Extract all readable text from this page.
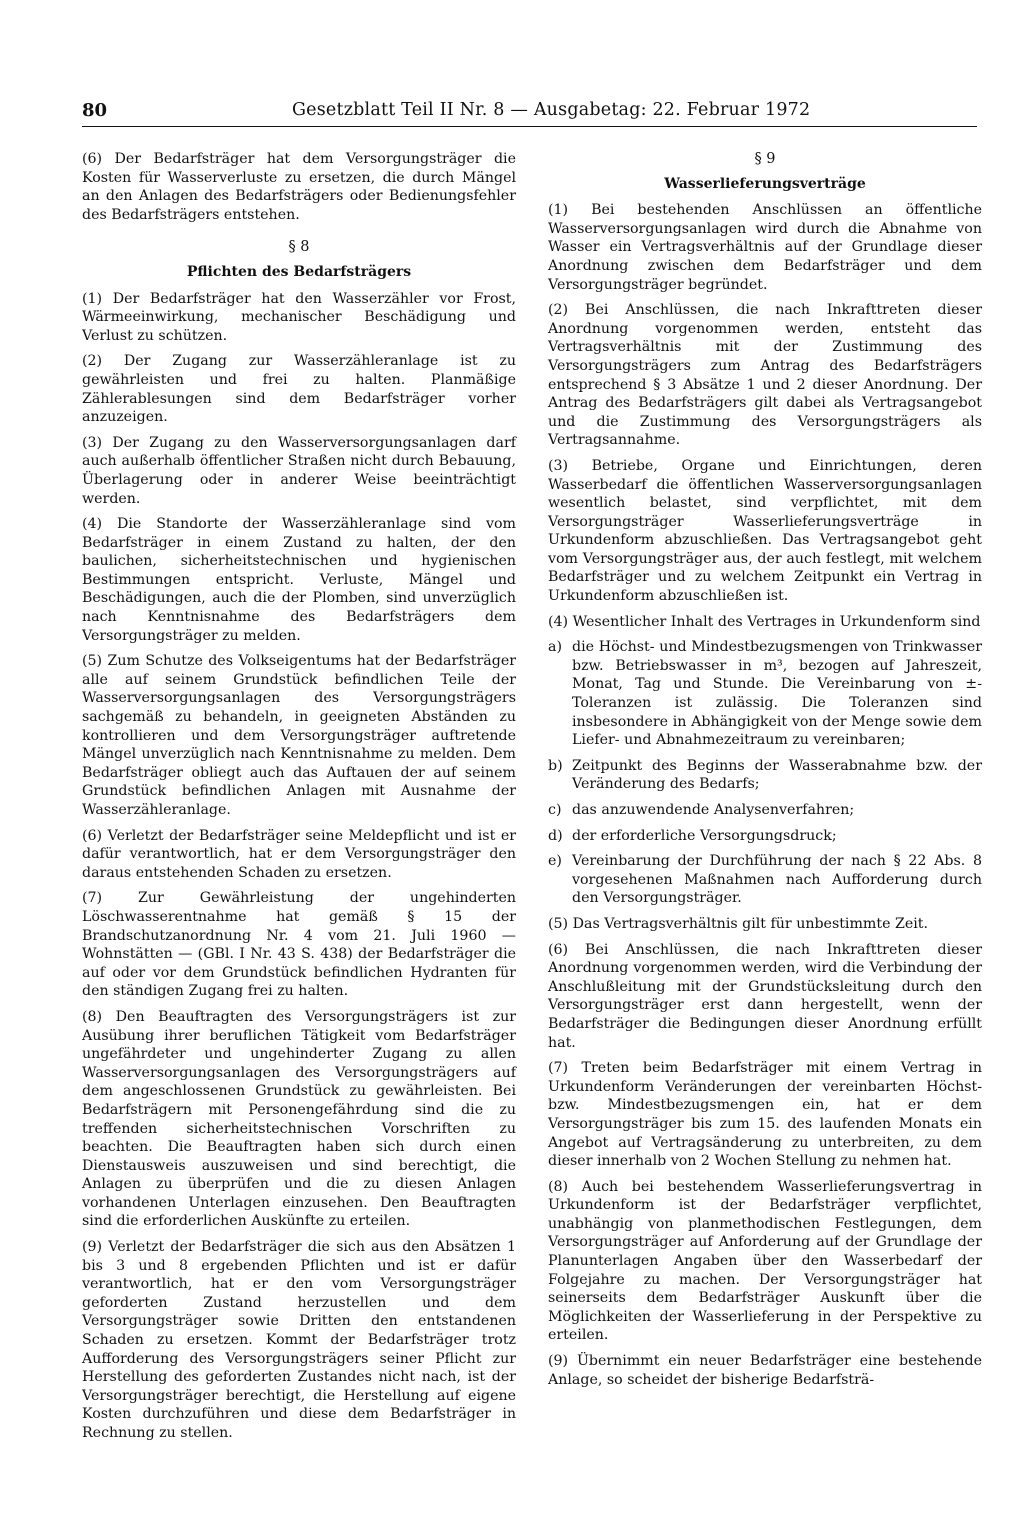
80	Gesetzblatt Teil II Nr. 8 — Ausgabetag: 22. Februar 1972

(6) Der Bedarfsträger hat dem Versorgungsträger die Kosten für Wasserverluste zu ersetzen, die durch Mängel an den Anlagen des Bedarfsträgers oder Bedienungsfehler des Bedarfsträgers entstehen.

§ 8
Pflichten des Bedarfsträgers

(1) Der Bedarfsträger hat den Wasserzähler vor Frost, Wärmeeinwirkung, mechanischer Beschädigung und Verlust zu schützen.

(2) Der Zugang zur Wasserzähleranlage ist zu gewährleisten und frei zu halten. Planmäßige Zählerablesungen sind dem Bedarfsträger vorher anzuzeigen.

(3) Der Zugang zu den Wasserversorgungsanlagen darf auch außerhalb öffentlicher Straßen nicht durch Bebauung, Überlagerung oder in anderer Weise beeinträchtigt werden.

(4) Die Standorte der Wasserzähleranlage sind vom Bedarfsträger in einem Zustand zu halten, der den baulichen, sicherheitstechnischen und hygienischen Bestimmungen entspricht. Verluste, Mängel und Beschädigungen, auch die der Plomben, sind unverzüglich nach Kenntnisnahme des Bedarfsträgers dem Versorgungsträger zu melden.

(5) Zum Schutze des Volkseigentums hat der Bedarfsträger alle auf seinem Grundstück befindlichen Teile der Wasserversorgungsanlagen des Versorgungsträgers sachgemäß zu behandeln, in geeigneten Abständen zu kontrollieren und dem Versorgungsträger auftretende Mängel unverzüglich nach Kenntnisnahme zu melden. Dem Bedarfsträger obliegt auch das Auftauen der auf seinem Grundstück befindlichen Anlagen mit Ausnahme der Wasserzähleranlage.

(6) Verletzt der Bedarfsträger seine Meldepflicht und ist er dafür verantwortlich, hat er dem Versorgungsträger den daraus entstehenden Schaden zu ersetzen.

(7) Zur Gewährleistung der ungehinderten Löschwasserentnahme hat gemäß § 15 der Brandschutzanordnung Nr. 4 vom 21. Juli 1960 — Wohnstätten — (GBl. I Nr. 43 S. 438) der Bedarfsträger die auf oder vor dem Grundstück befindlichen Hydranten für den ständigen Zugang frei zu halten.

(8) Den Beauftragten des Versorgungsträgers ist zur Ausübung ihrer beruflichen Tätigkeit vom Bedarfsträger ungefährdeter und ungehinderter Zugang zu allen Wasserversorgungsanlagen des Versorgungsträgers auf dem angeschlossenen Grundstück zu gewährleisten. Bei Bedarfsträgern mit Personengefährdung sind die zu treffenden sicherheitstechnischen Vorschriften zu beachten. Die Beauftragten haben sich durch einen Dienstausweis auszuweisen und sind berechtigt, die Anlagen zu überprüfen und die zu diesen Anlagen vorhandenen Unterlagen einzusehen. Den Beauftragten sind die erforderlichen Auskünfte zu erteilen.

(9) Verletzt der Bedarfsträger die sich aus den Absätzen 1 bis 3 und 8 ergebenden Pflichten und ist er dafür verantwortlich, hat er den vom Versorgungsträger geforderten Zustand herzustellen und dem Versorgungsträger sowie Dritten den entstandenen Schaden zu ersetzen. Kommt der Bedarfsträger trotz Aufforderung des Versorgungsträgers seiner Pflicht zur Herstellung des geforderten Zustandes nicht nach, ist der Versorgungsträger berechtigt, die Herstellung auf eigene Kosten durchzuführen und diese dem Bedarfsträger in Rechnung zu stellen.

§ 9
Wasserlieferungsverträge

(1) Bei bestehenden Anschlüssen an öffentliche Wasserversorgungsanlagen wird durch die Abnahme von Wasser ein Vertragsverhältnis auf der Grundlage dieser Anordnung zwischen dem Bedarfsträger und dem Versorgungsträger begründet.

(2) Bei Anschlüssen, die nach Inkrafttreten dieser Anordnung vorgenommen werden, entsteht das Vertragsverhältnis mit der Zustimmung des Versorgungsträgers zum Antrag des Bedarfsträgers entsprechend § 3 Absätze 1 und 2 dieser Anordnung. Der Antrag des Bedarfsträgers gilt dabei als Vertragsangebot und die Zustimmung des Versorgungsträgers als Vertragsannahme.

(3) Betriebe, Organe und Einrichtungen, deren Wasserbedarf die öffentlichen Wasserversorgungsanlagen wesentlich belastet, sind verpflichtet, mit dem Versorgungsträger Wasserlieferungsverträge in Urkundenform abzuschließen. Das Vertragsangebot geht vom Versorgungsträger aus, der auch festlegt, mit welchem Bedarfsträger und zu welchem Zeitpunkt ein Vertrag in Urkundenform abzuschließen ist.

(4) Wesentlicher Inhalt des Vertrages in Urkundenform sind

a) die Höchst- und Mindestbezugsmengen von Trinkwasser bzw. Betriebswasser in m³, bezogen auf Jahreszeit, Monat, Tag und Stunde. Die Vereinbarung von ±-Toleranzen ist zulässig. Die Toleranzen sind insbesondere in Abhängigkeit von der Menge sowie dem Liefer- und Abnahmezeitraum zu vereinbaren;
b) Zeitpunkt des Beginns der Wasserabnahme bzw. der Veränderung des Bedarfs;
c) das anzuwendende Analysenverfahren;
d) der erforderliche Versorgungsdruck;
e) Vereinbarung der Durchführung der nach § 22 Abs. 8 vorgesehenen Maßnahmen nach Aufforderung durch den Versorgungsträger.

(5) Das Vertragsverhältnis gilt für unbestimmte Zeit.

(6) Bei Anschlüssen, die nach Inkrafttreten dieser Anordnung vorgenommen werden, wird die Verbindung der Anschlußleitung mit der Grundstücksleitung durch den Versorgungsträger erst dann hergestellt, wenn der Bedarfsträger die Bedingungen dieser Anordnung erfüllt hat.

(7) Treten beim Bedarfsträger mit einem Vertrag in Urkundenform Veränderungen der vereinbarten Höchst- bzw. Mindestbezugsmengen ein, hat er dem Versorgungsträger bis zum 15. des laufenden Monats ein Angebot auf Vertragsänderung zu unterbreiten, zu dem dieser innerhalb von 2 Wochen Stellung zu nehmen hat.

(8) Auch bei bestehendem Wasserlieferungsvertrag in Urkundenform ist der Bedarfsträger verpflichtet, unabhängig von planmethodischen Festlegungen, dem Versorgungsträger auf Anforderung auf der Grundlage der Planunterlagen Angaben über den Wasserbedarf der Folgejahre zu machen. Der Versorgungsträger hat seinerseits dem Bedarfsträger Auskunft über die Möglichkeiten der Wasserlieferung in der Perspektive zu erteilen.

(9) Übernimmt ein neuer Bedarfsträger eine bestehende Anlage, so scheidet der bisherige Bedarfsträ-
